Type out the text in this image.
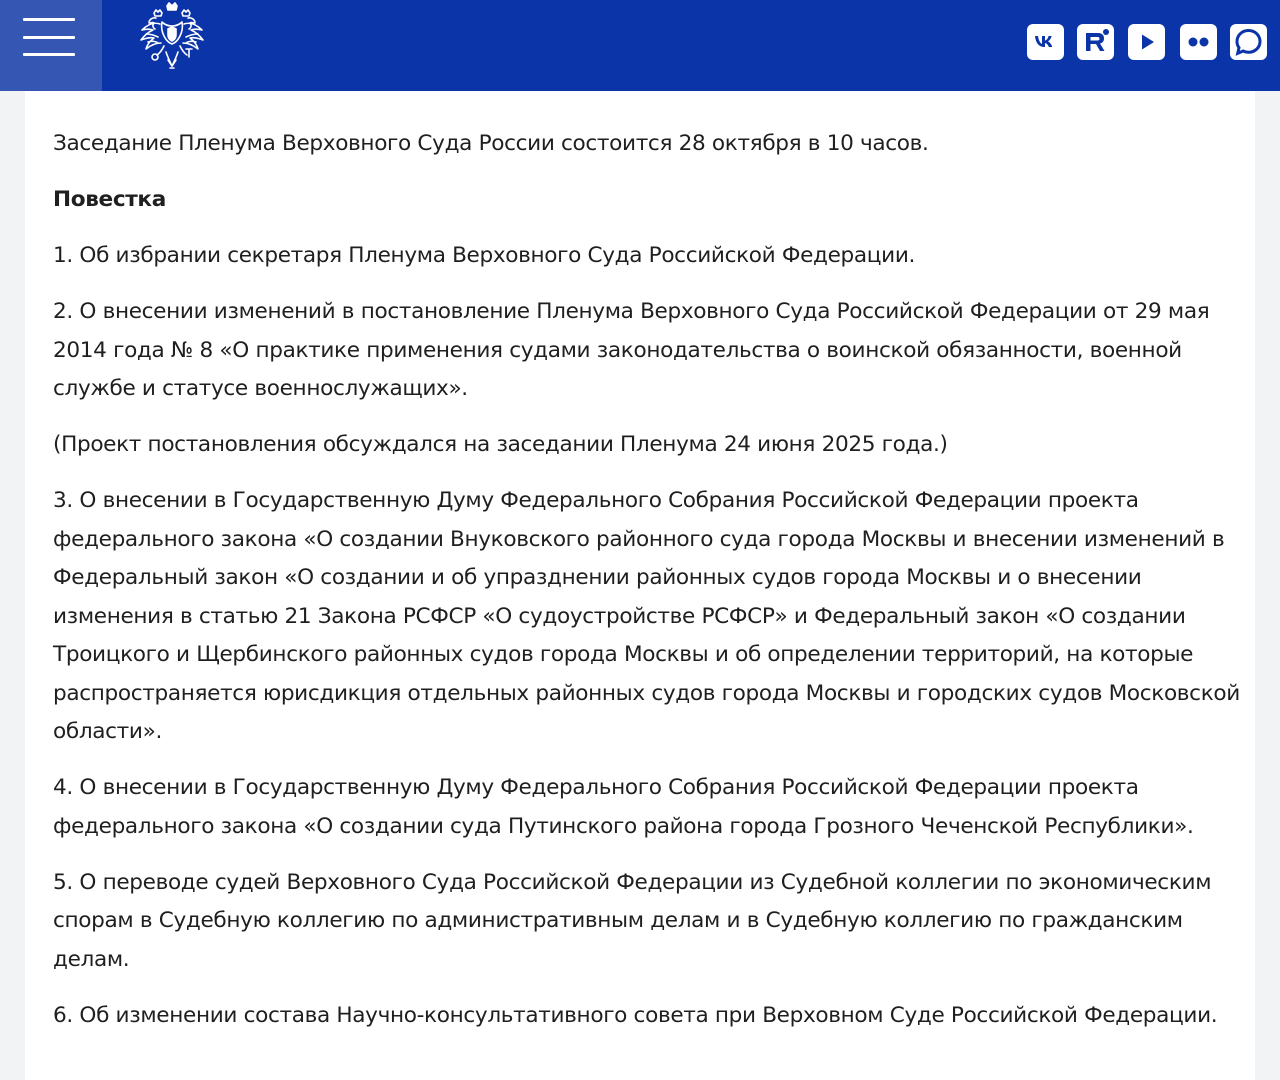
Заседание Пленума Верховного Суда России состоится 28 октября в 10 часов.

Повестка

1. Об избрании секретаря Пленума Верховного Суда Российской Федерации.

2. О внесении изменений в постановление Пленума Верховного Суда Российской Федерации от 29 мая 2014 года № 8 «О практике применения судами законодательства о воинской обязанности, военной службе и статусе военнослужащих».

(Проект постановления обсуждался на заседании Пленума 24 июня 2025 года.)

3. О внесении в Государственную Думу Федерального Собрания Российской Федерации проекта федерального закона «О создании Внуковского районного суда города Москвы и внесении изменений в Федеральный закон «О создании и об упразднении районных судов города Москвы и о внесении изменения в статью 21 Закона РСФСР «О судоустройстве РСФСР» и Федеральный закон «О создании Троицкого и Щербинского районных судов города Москвы и об определении территорий, на которые распространяется юрисдикция отдельных районных судов города Москвы и городских судов Московской области».

4. О внесении в Государственную Думу Федерального Собрания Российской Федерации проекта федерального закона «О создании суда Путинского района города Грозного Чеченской Республики».

5. О переводе судей Верховного Суда Российской Федерации из Судебной коллегии по экономическим спорам в Судебную коллегию по административным делам и в Судебную коллегию по гражданским делам.

6. Об изменении состава Научно-консультативного совета при Верховном Суде Российской Федерации.
